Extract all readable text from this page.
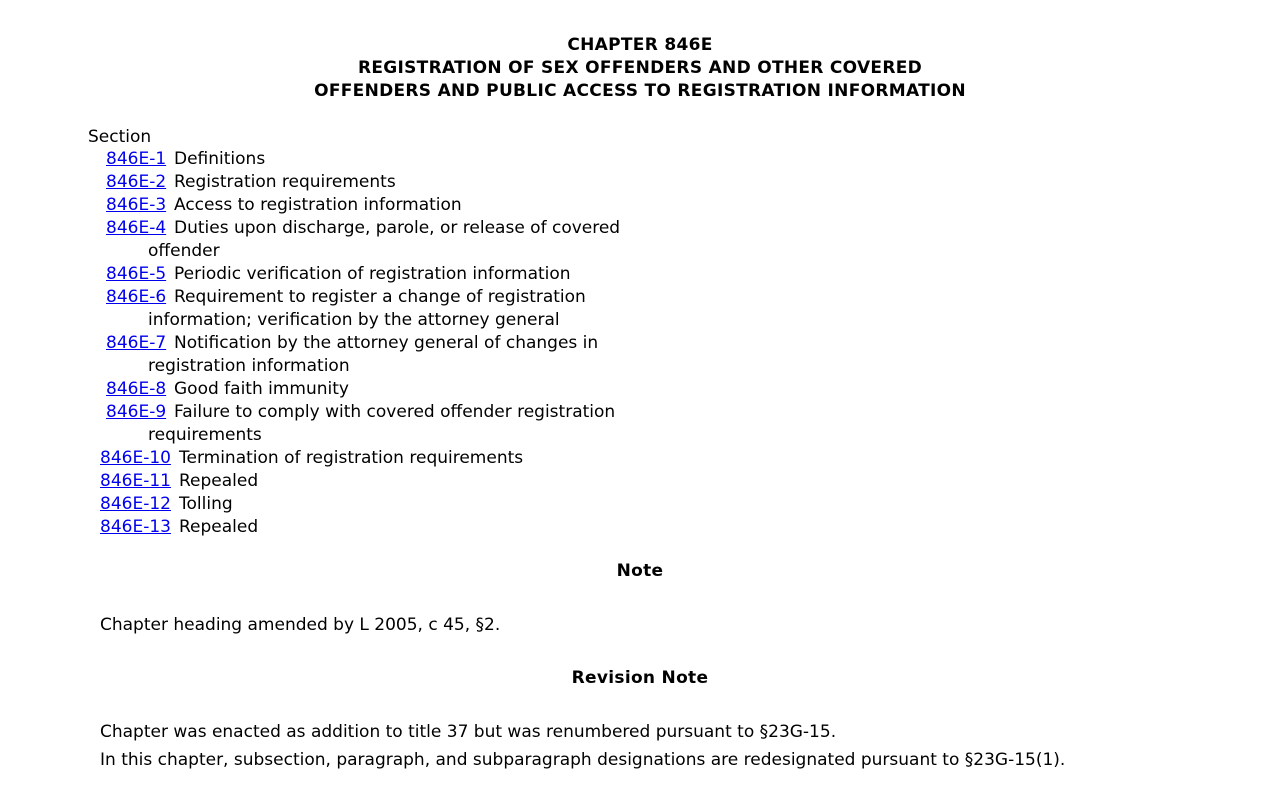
CHAPTER 846E
REGISTRATION OF SEX OFFENDERS AND OTHER COVERED
OFFENDERS AND PUBLIC ACCESS TO REGISTRATION INFORMATION
Section
846E-1 Definitions
846E-2 Registration requirements
846E-3 Access to registration information
846E-4 Duties upon discharge, parole, or release of covered
offender
846E-5 Periodic verification of registration information
846E-6 Requirement to register a change of registration
information; verification by the attorney general
846E-7 Notification by the attorney general of changes in
registration information
846E-8 Good faith immunity
846E-9 Failure to comply with covered offender registration
requirements
846E-10 Termination of registration requirements
846E-11 Repealed
846E-12 Tolling
846E-13 Repealed
Note
Chapter heading amended by L 2005, c 45, §2.
Revision Note
Chapter was enacted as addition to title 37 but was renumbered pursuant to §23G-15.
In this chapter, subsection, paragraph, and subparagraph designations are redesignated pursuant to §23G-15(1).
